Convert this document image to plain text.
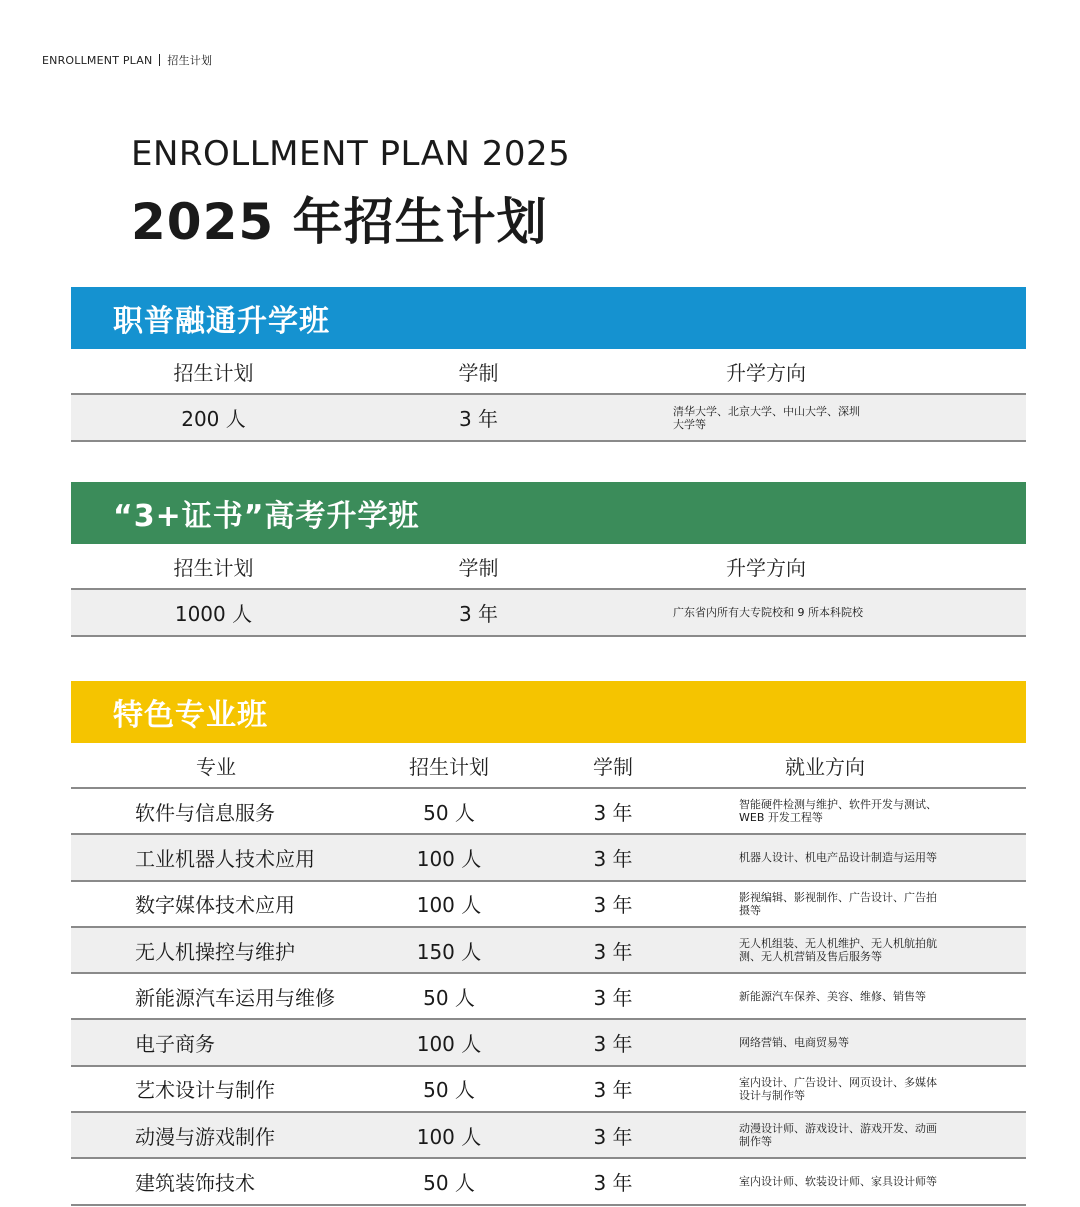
ENROLLMENT PLAN 招生计划
ENROLLMENT PLAN 2025
2025 年招生计划
职普融通升学班
招生计划	学制	升学方向
200 人	3 年	清华大学、北京大学、中山大学、深圳大学等
“3+证书”高考升学班
招生计划	学制	升学方向
1000 人	3 年	广东省内所有大专院校和 9 所本科院校
特色专业班
专业	招生计划	学制	就业方向
软件与信息服务	50 人	3 年	智能硬件检测与维护、软件开发与测试、WEB 开发工程等
工业机器人技术应用	100 人	3 年	机器人设计、机电产品设计制造与运用等
数字媒体技术应用	100 人	3 年	影视编辑、影视制作、广告设计、广告拍摄等
无人机操控与维护	150 人	3 年	无人机组装、无人机维护、无人机航拍航测、无人机营销及售后服务等
新能源汽车运用与维修	50 人	3 年	新能源汽车保养、美容、维修、销售等
电子商务	100 人	3 年	网络营销、电商贸易等
艺术设计与制作	50 人	3 年	室内设计、广告设计、网页设计、多媒体设计与制作等
动漫与游戏制作	100 人	3 年	动漫设计师、游戏设计、游戏开发、动画制作等
建筑装饰技术	50 人	3 年	室内设计师、软装设计师、家具设计师等
